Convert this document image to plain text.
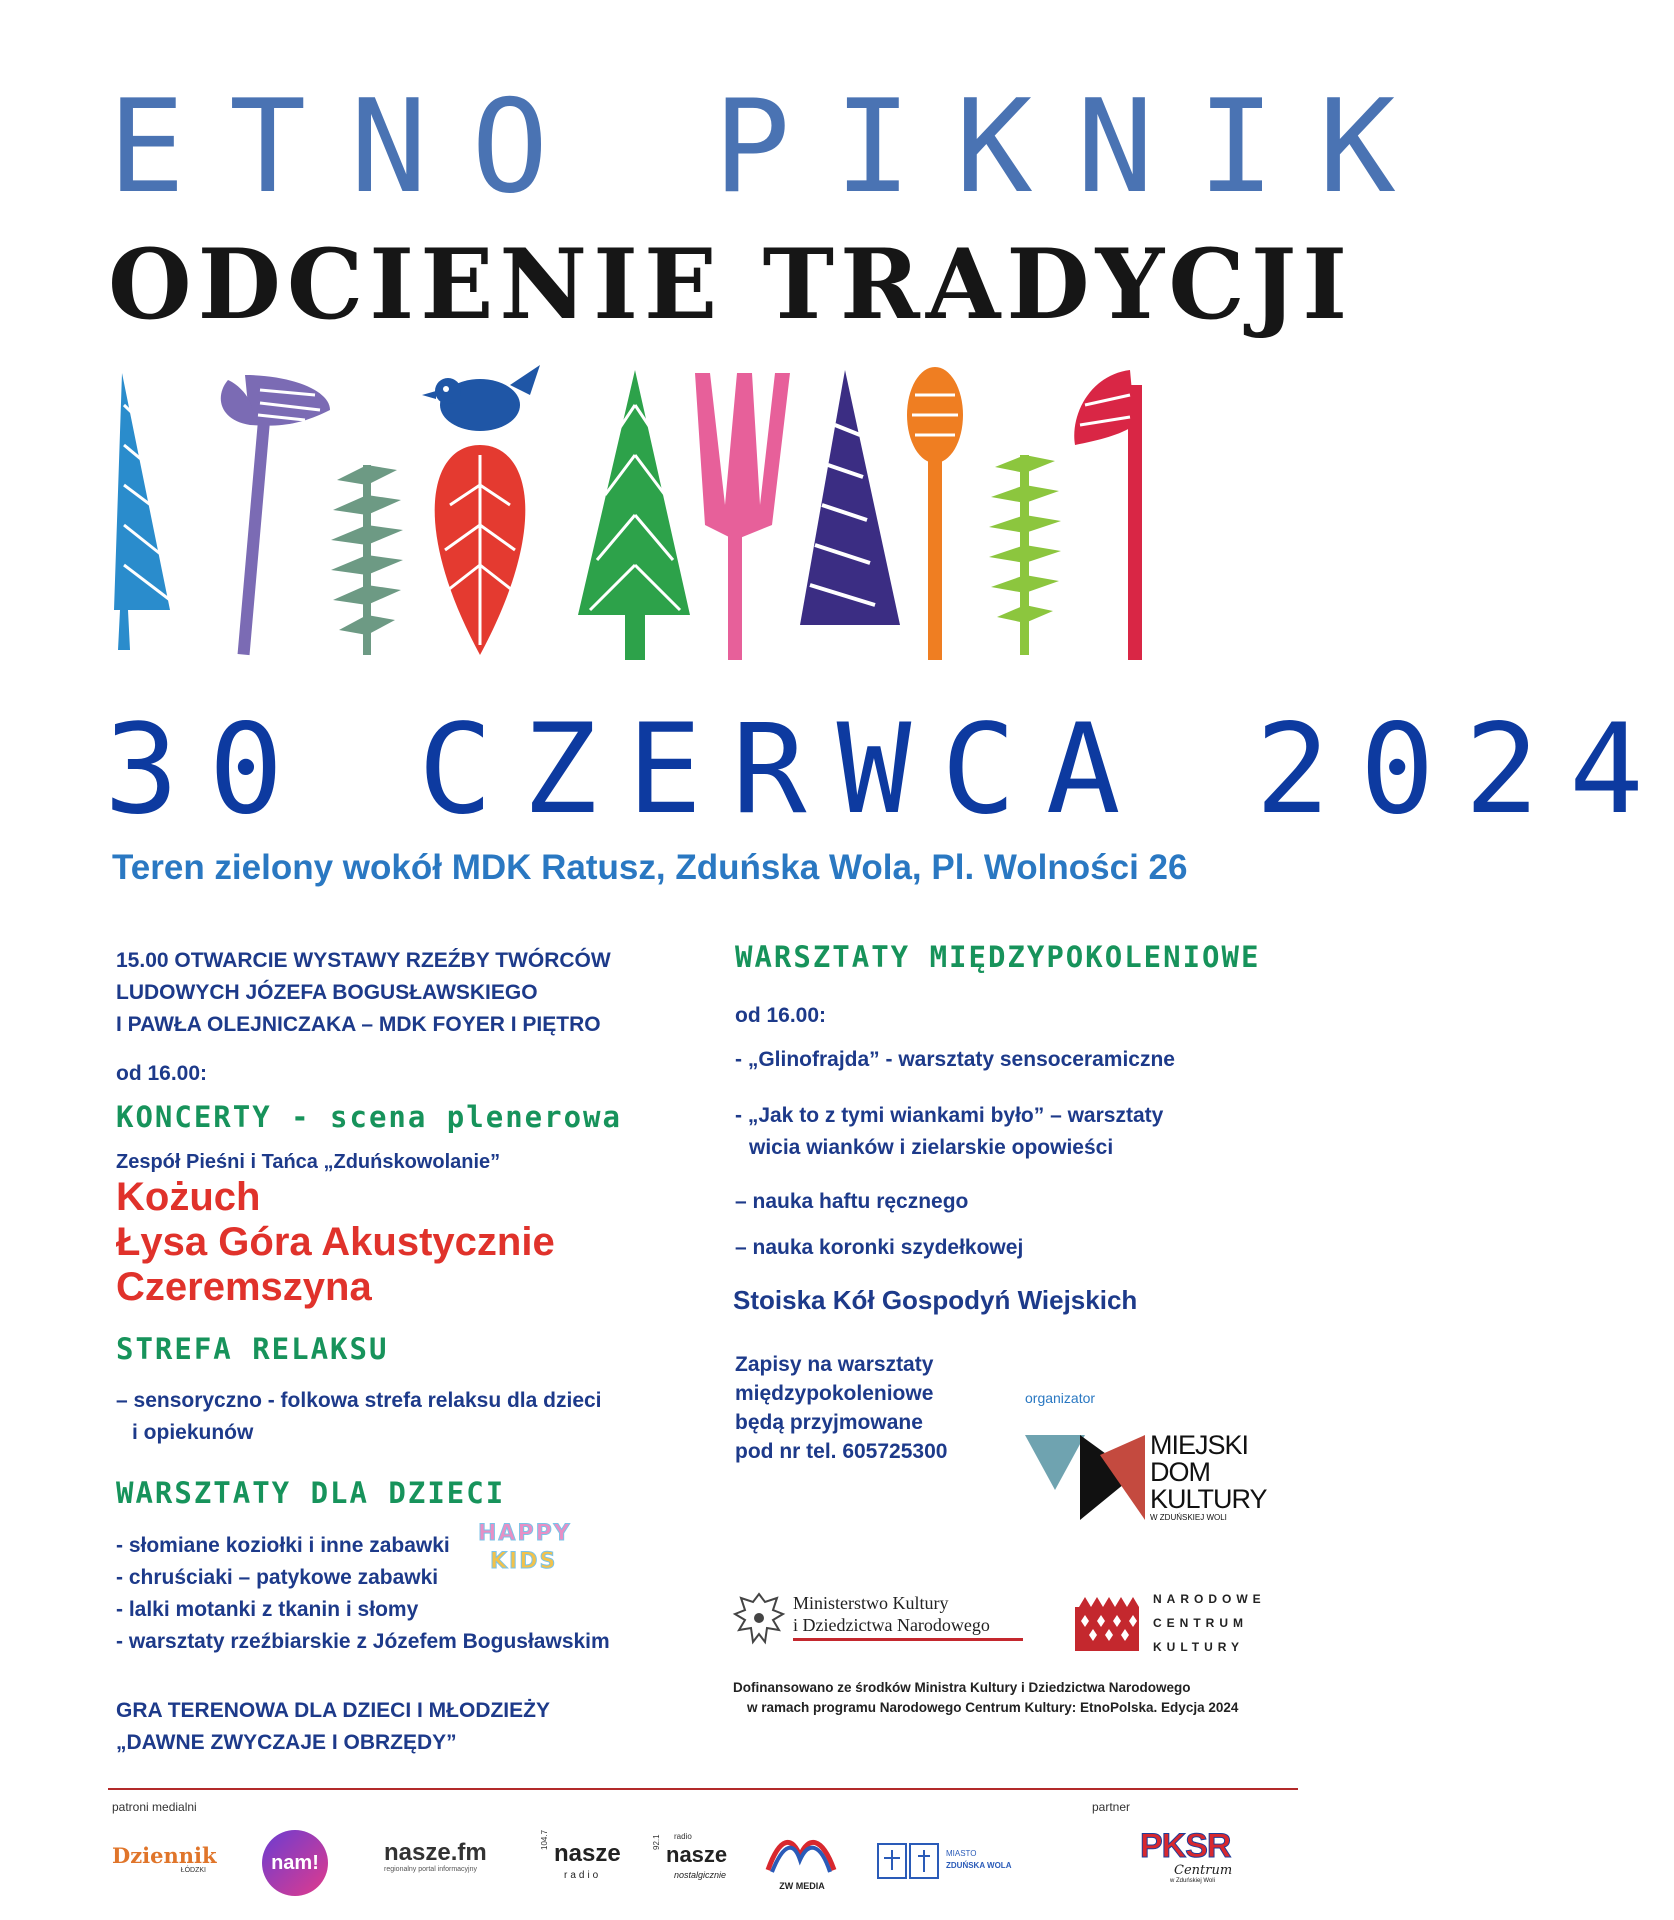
ETNO PIKNIK
ODCIENIE TRADYCJI
30 CZERWCA 2024
Teren zielony wokół MDK Ratusz, Zduńska Wola, Pl. Wolności 26
15.00 OTWARCIE WYSTAWY RZEŹBY TWÓRCÓW
LUDOWYCH JÓZEFA BOGUSŁAWSKIEGO
I PAWŁA OLEJNICZAKA – MDK FOYER I PIĘTRO
od 16.00:
KONCERTY - scena plenerowa
Zespół Pieśni i Tańca „Zduńskowolanie”
Kożuch
Łysa Góra Akustycznie
Czeremszyna
STREFA RELAKSU
– sensoryczno - folkowa strefa relaksu dla dzieci
i opiekunów
WARSZTATY DLA DZIECI
- słomiane koziołki i inne zabawki
- chruściaki – patykowe zabawki
- lalki motanki z tkanin i słomy
- warsztaty rzeźbiarskie z Józefem Bogusławskim
HAPPY
KIDS
GRA TERENOWA DLA DZIECI I MŁODZIEŻY
„DAWNE ZWYCZAJE I OBRZĘDY”
WARSZTATY MIĘDZYPOKOLENIOWE
od 16.00:
- „Glinofrajda” - warsztaty sensoceramiczne
- „Jak to z tymi wiankami było” – warsztaty
wicia wianków i zielarskie opowieści
– nauka haftu ręcznego
– nauka koronki szydełkowej
Stoiska Kół Gospodyń Wiejskich
Zapisy na warsztaty
międzypokoleniowe
będą przyjmowane
pod nr tel. 605725300
organizator
MIEJSKI
DOM
KULTURY
W ZDUŃSKIEJ WOLI
Ministerstwo Kultury
i Dziedzictwa Narodowego
NARODOWE
CENTRUM
KULTURY
Dofinansowano ze środków Ministra Kultury i Dziedzictwa Narodowego
w ramach programu Narodowego Centrum Kultury: EtnoPolska. Edycja 2024
patroni medialni	partner
Dziennik
ŁÓDZKI	nam!	nasze.fm
regionalny portal informacyjny
104.7
nasze
radio
92.1 radio
nasze
nostalgicznie
ZW MEDIA
MIASTO
ZDUŃSKA WOLA
PKSR
Centrum
w Zduńskiej Woli
